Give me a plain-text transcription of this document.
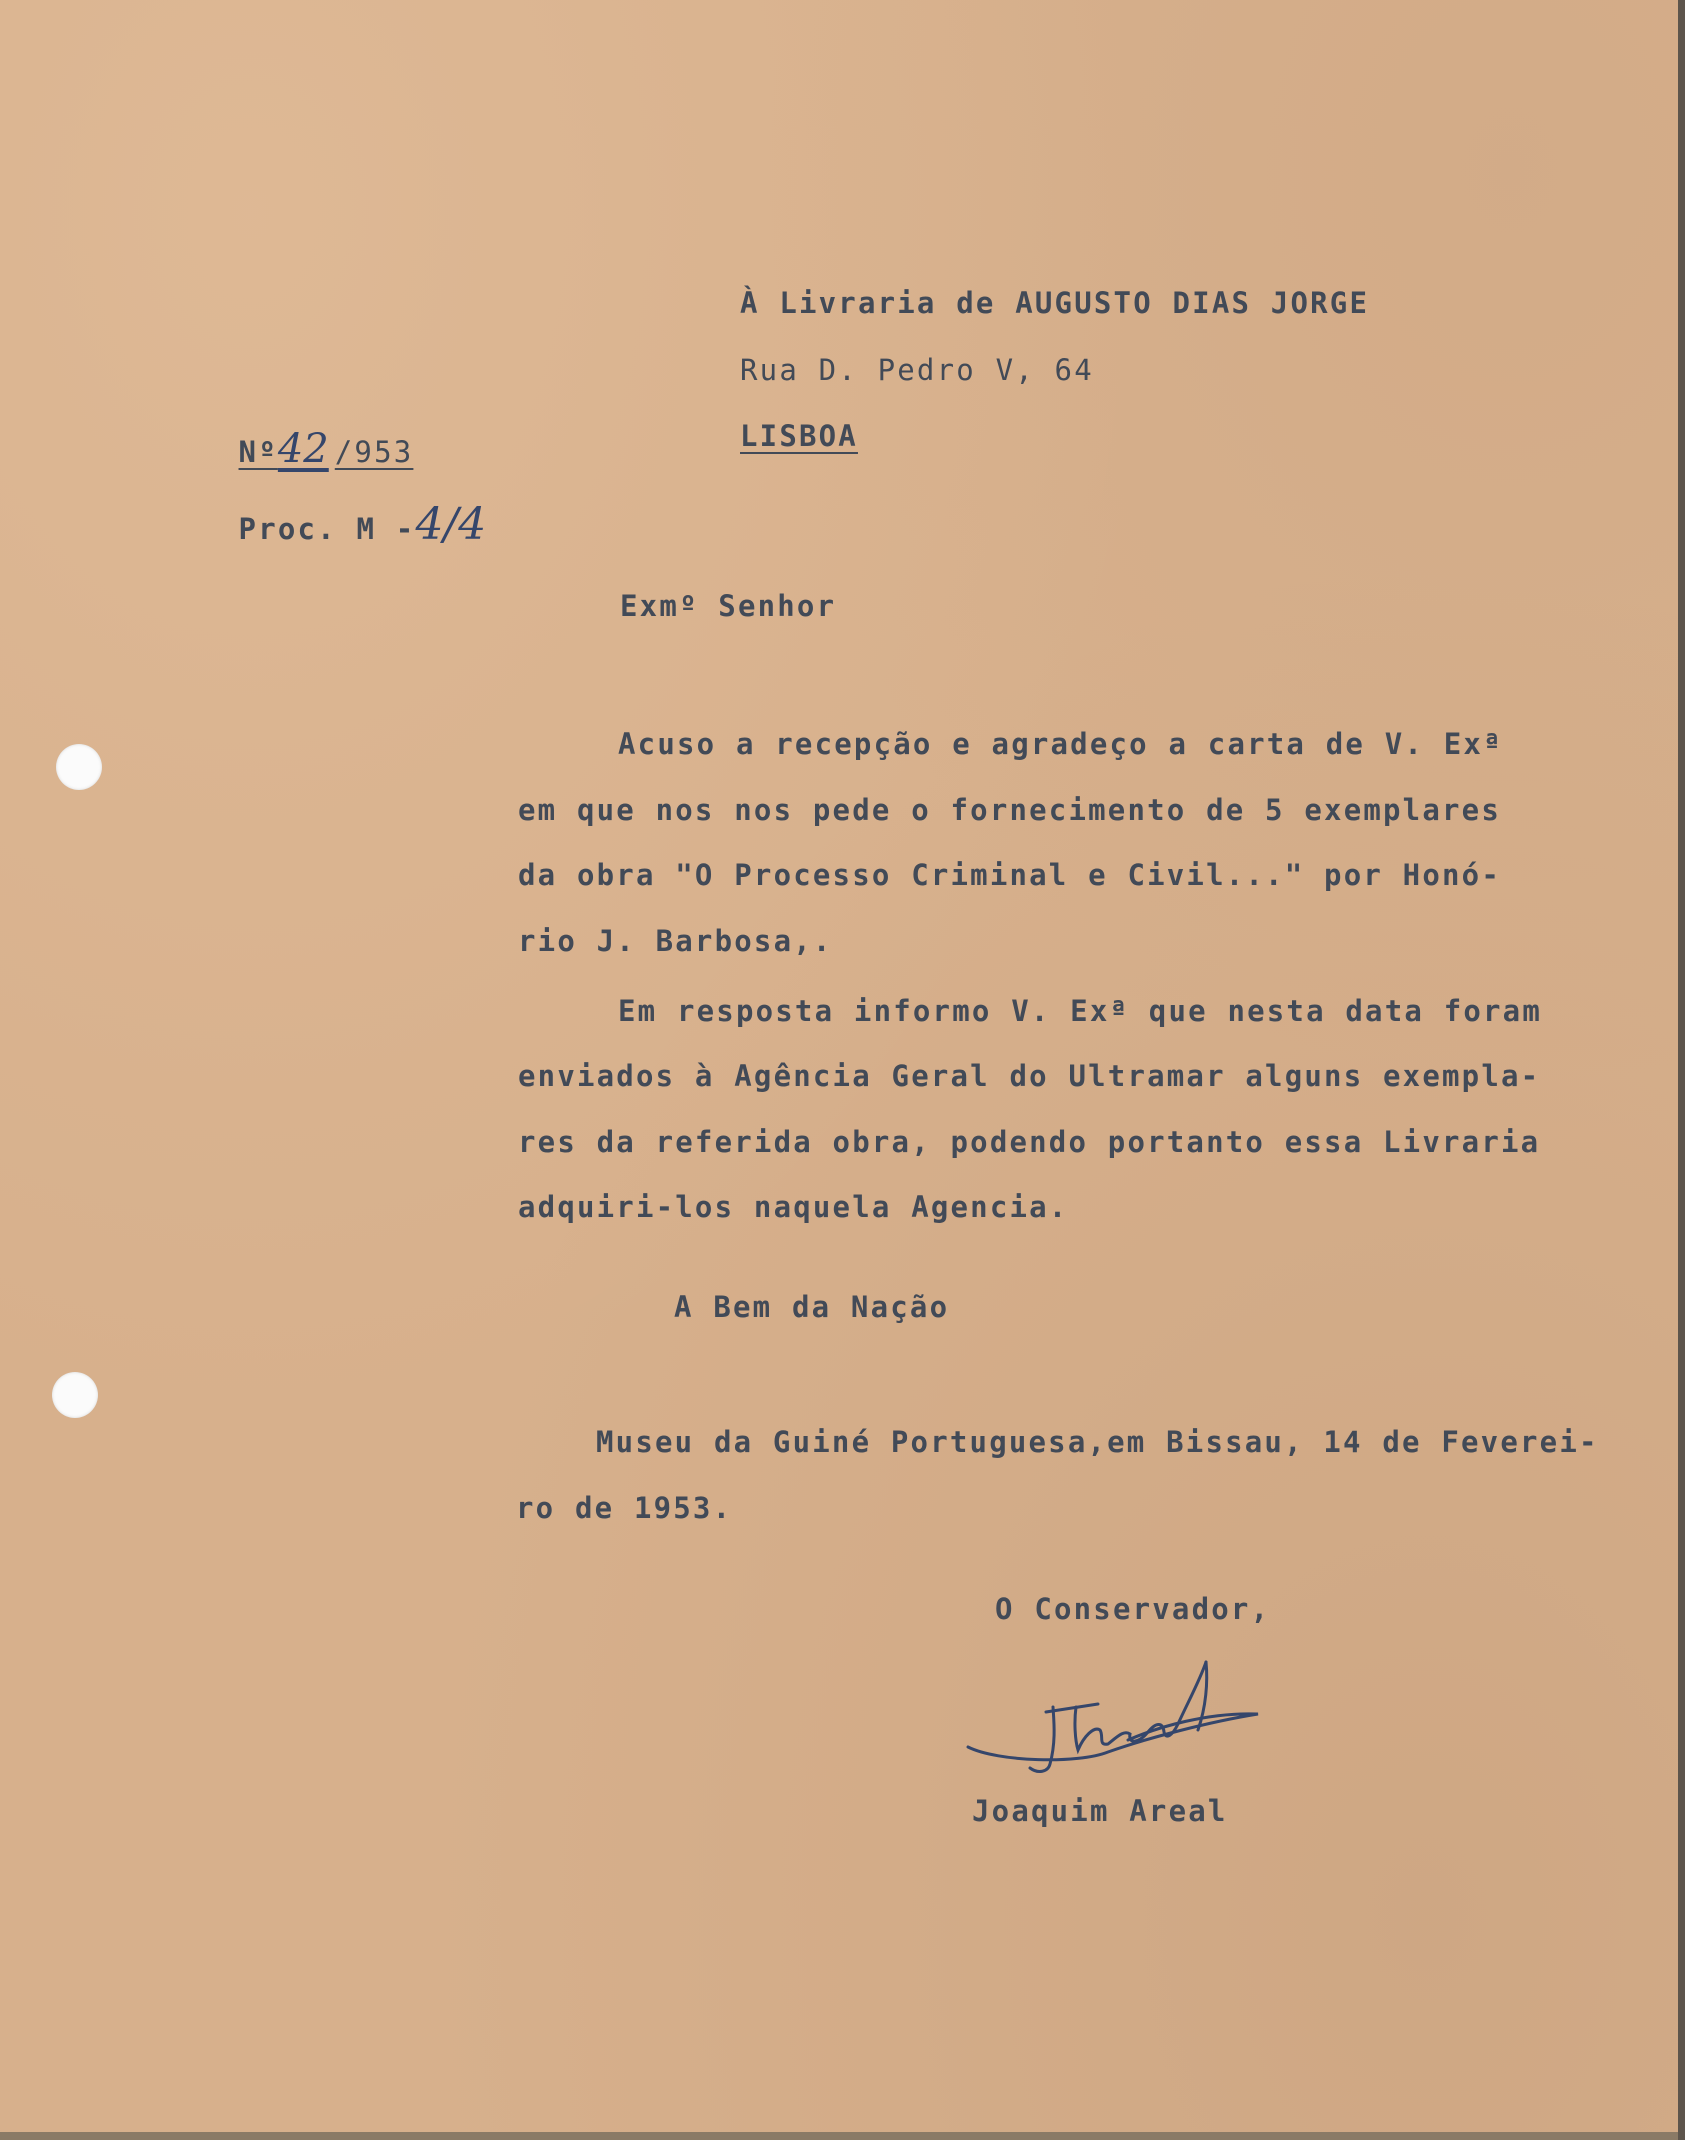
À Livraria de AUGUSTO DIAS JORGE
Rua D. Pedro V, 64
LISBOA

Nº42 /953

Proc. M -4/4

Exmº Senhor
Acuso a recepção e agradeço a carta de V. Exª
em que nos nos pede o fornecimento de 5 exemplares
da obra "O Processo Criminal e Civil..." por Honó-
rio J. Barbosa,.
Em resposta informo V. Exª que nesta data foram
enviados à Agência Geral do Ultramar alguns exempla-
res da referida obra, podendo portanto essa Livraria
adquiri-los naquela Agencia.
A Bem da Nação
Museu da Guiné Portuguesa,em Bissau, 14 de Feverei-
ro de 1953.
O Conservador,
Joaquim Areal
